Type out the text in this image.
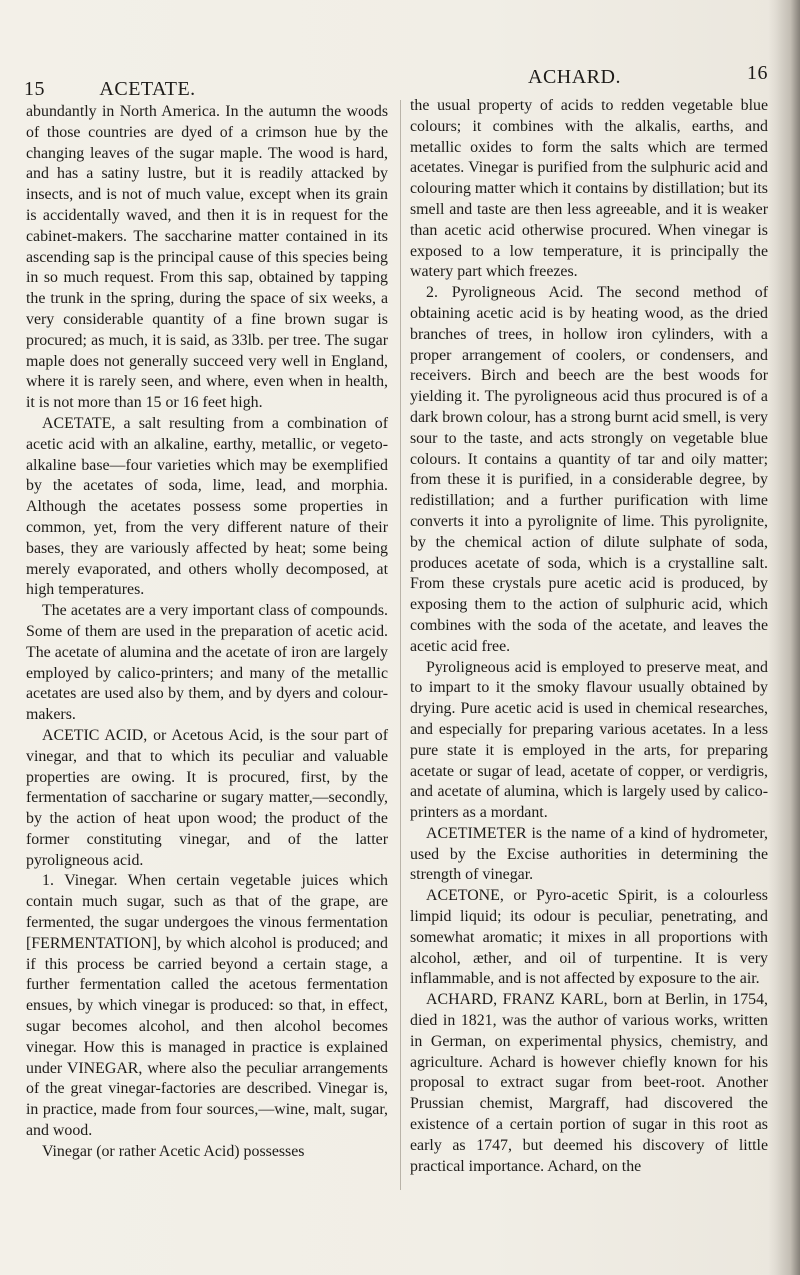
15	ACETATE.
ACHARD.	16

abundantly in North America. In the autumn the woods of those countries are dyed of a crimson hue by the changing leaves of the sugar maple. The wood is hard, and has a satiny lustre, but it is readily attacked by insects, and is not of much value, except when its grain is accidentally waved, and then it is in request for the cabinet-makers. The saccharine matter contained in its ascending sap is the principal cause of this species being in so much request. From this sap, obtained by tapping the trunk in the spring, during the space of six weeks, a very considerable quantity of a fine brown sugar is procured; as much, it is said, as 33lb. per tree. The sugar maple does not generally succeed very well in England, where it is rarely seen, and where, even when in health, it is not more than 15 or 16 feet high.

ACETATE, a salt resulting from a combination of acetic acid with an alkaline, earthy, metallic, or vegeto-alkaline base—four varieties which may be exemplified by the acetates of soda, lime, lead, and morphia. Although the acetates possess some properties in common, yet, from the very different nature of their bases, they are variously affected by heat; some being merely evaporated, and others wholly decomposed, at high temperatures.

The acetates are a very important class of compounds. Some of them are used in the preparation of acetic acid. The acetate of alumina and the acetate of iron are largely employed by calico-printers; and many of the metallic acetates are used also by them, and by dyers and colour-makers.

ACETIC ACID, or Acetous Acid, is the sour part of vinegar, and that to which its peculiar and valuable properties are owing. It is procured, first, by the fermentation of saccharine or sugary matter,—secondly, by the action of heat upon wood; the product of the former constituting vinegar, and of the latter pyroligneous acid.

1. Vinegar. When certain vegetable juices which contain much sugar, such as that of the grape, are fermented, the sugar undergoes the vinous fermentation [FERMENTATION], by which alcohol is produced; and if this process be carried beyond a certain stage, a further fermentation called the acetous fermentation ensues, by which vinegar is produced: so that, in effect, sugar becomes alcohol, and then alcohol becomes vinegar. How this is managed in practice is explained under VINEGAR, where also the peculiar arrangements of the great vinegar-factories are described. Vinegar is, in practice, made from four sources,—wine, malt, sugar, and wood.

Vinegar (or rather Acetic Acid) possesses

the usual property of acids to redden vegetable blue colours; it combines with the alkalis, earths, and metallic oxides to form the salts which are termed acetates. Vinegar is purified from the sulphuric acid and colouring matter which it contains by distillation; but its smell and taste are then less agreeable, and it is weaker than acetic acid otherwise procured. When vinegar is exposed to a low temperature, it is principally the watery part which freezes.

2. Pyroligneous Acid. The second method of obtaining acetic acid is by heating wood, as the dried branches of trees, in hollow iron cylinders, with a proper arrangement of coolers, or condensers, and receivers. Birch and beech are the best woods for yielding it. The pyroligneous acid thus procured is of a dark brown colour, has a strong burnt acid smell, is very sour to the taste, and acts strongly on vegetable blue colours. It contains a quantity of tar and oily matter; from these it is purified, in a considerable degree, by redistillation; and a further purification with lime converts it into a pyrolignite of lime. This pyrolignite, by the chemical action of dilute sulphate of soda, produces acetate of soda, which is a crystalline salt. From these crystals pure acetic acid is produced, by exposing them to the action of sulphuric acid, which combines with the soda of the acetate, and leaves the acetic acid free.

Pyroligneous acid is employed to preserve meat, and to impart to it the smoky flavour usually obtained by drying. Pure acetic acid is used in chemical researches, and especially for preparing various acetates. In a less pure state it is employed in the arts, for preparing acetate or sugar of lead, acetate of copper, or verdigris, and acetate of alumina, which is largely used by calico-printers as a mordant.

ACETIMETER is the name of a kind of hydrometer, used by the Excise authorities in determining the strength of vinegar.

ACETONE, or Pyro-acetic Spirit, is a colourless limpid liquid; its odour is peculiar, penetrating, and somewhat aromatic; it mixes in all proportions with alcohol, æther, and oil of turpentine. It is very inflammable, and is not affected by exposure to the air.

ACHARD, FRANZ KARL, born at Berlin, in 1754, died in 1821, was the author of various works, written in German, on experimental physics, chemistry, and agriculture. Achard is however chiefly known for his proposal to extract sugar from beet-root. Another Prussian chemist, Margraff, had discovered the existence of a certain portion of sugar in this root as early as 1747, but deemed his discovery of little practical importance. Achard, on the
